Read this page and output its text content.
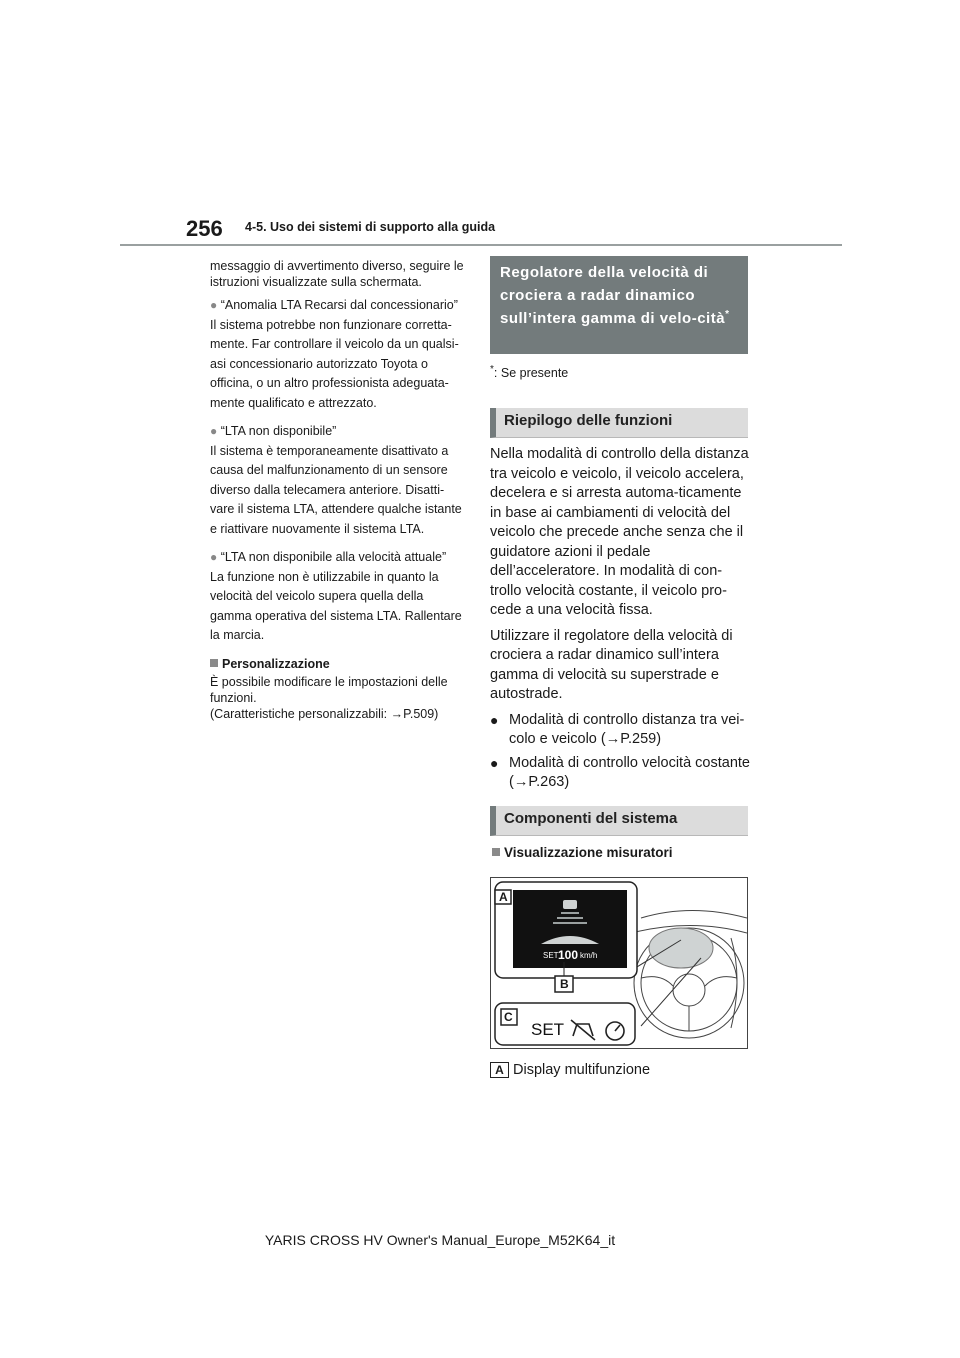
256 4-5. Uso dei sistemi di supporto alla guida

messaggio di avvertimento diverso, seguire le istruzioni visualizzate sulla schermata.

● “Anomalia LTA Recarsi dal concessionario”
Il sistema potrebbe non funzionare corretta-
mente. Far controllare il veicolo da un qualsi-
asi concessionario autorizzato Toyota o
officina, o un altro professionista adeguata-
mente qualificato e attrezzato.
● “LTA non disponibile”
Il sistema è temporaneamente disattivato a
causa del malfunzionamento di un sensore
diverso dalla telecamera anteriore. Disatti-
vare il sistema LTA, attendere qualche istante
e riattivare nuovamente il sistema LTA.
● “LTA non disponibile alla velocità attuale”
La funzione non è utilizzabile in quanto la
velocità del veicolo supera quella della
gamma operativa del sistema LTA. Rallentare
la marcia.
Personalizzazione
È possibile modificare le impostazioni delle funzioni.
(Caratteristiche personalizzabili: →P.509)
Regolatore della velocità di crociera a radar dinamico sull’intera gamma di velo-cità*
*: Se presente
Riepilogo delle funzioni

Nella modalità di controllo della distanza tra veicolo e veicolo, il veicolo accelera, decelera e si arresta automa-ticamente in base ai cambiamenti di velocità del veicolo che precede anche senza che il guidatore azioni il pedale dell’acceleratore. In modalità di con-trollo velocità costante, il veicolo pro-cede a una velocità fissa.

Utilizzare il regolatore della velocità di crociera a radar dinamico sull’intera gamma di velocità su superstrade e autostrade.

● Modalità di controllo distanza tra vei-colo e veicolo (→P.259)
● Modalità di controllo velocità costante (→P.263)
Componenti del sistema
Visualizzazione misuratori
A
B
C
SET 100 km/h
SET
A Display multifunzione
YARIS CROSS HV Owner's Manual_Europe_M52K64_it
